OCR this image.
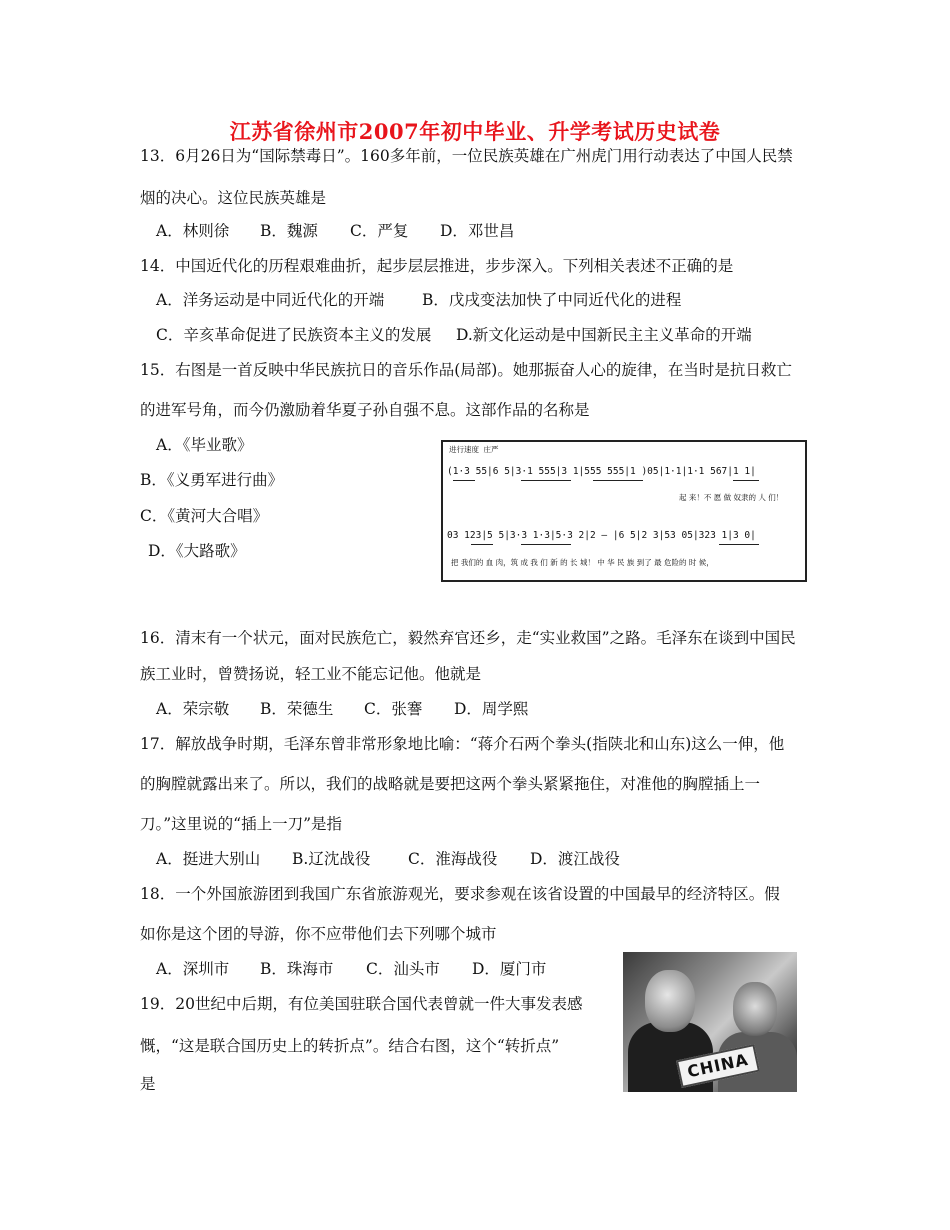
江苏省徐州市2007年初中毕业、升学考试历史试卷
13．6月26日为“国际禁毒日”。160多年前，一位民族英雄在广州虎门用行动表达了中国人民禁
烟的决心。这位民族英雄是
A．林则徐 B．魏源 C．严复 D．邓世昌
14．中国近代化的历程艰难曲折，起步层层推进，步步深入。下列相关表述不正确的是
A．洋务运动是中同近代化的开端 B．戊戌变法加快了中同近代化的进程
C．辛亥革命促进了民族资本主义的发展 D.新文化运动是中国新民主主义革命的开端
15．右图是一首反映中华民族抗日的音乐作品(局部)。她那振奋人心的旋律，在当时是抗日救亡
的进军号角，而今仍激励着华夏子孙自强不息。这部作品的名称是
A．《毕业歌》
B．《义勇军进行曲》
C．《黄河大合唱》
D．《大路歌》
进行速度 庄严
(1·3 55|6 5|3·1 555|3 1|555 555|1 )05|1·1|1·1 567|1 1|
起 来！不 愿 做 奴隶的 人 们！
03 123|5 5|3·3 1·3|5·3 2|2 – |6 5|2 3|53 05|323 1|3 0|
把 我们的 血 肉，筑 成 我 们 新 的 长 城！ 中 华 民 族 到了 最 危险的 时 候，
16．清末有一个状元，面对民族危亡，毅然弃官还乡，走“实业救国”之路。毛泽东在谈到中国民
族工业时，曾赞扬说，轻工业不能忘记他。他就是
A．荣宗敬 B．荣德生 C．张謇 D．周学熙
17．解放战争时期，毛泽东曾非常形象地比喻：“蒋介石两个拳头(指陕北和山东)这么一伸，他
的胸膛就露出来了。所以，我们的战略就是要把这两个拳头紧紧拖住，对准他的胸膛插上一
刀。”这里说的“插上一刀”是指
A．挺进大别山 B.辽沈战役 C．淮海战役 D．渡江战役
18．一个外国旅游团到我国广东省旅游观光，要求参观在该省设置的中国最早的经济特区。假
如你是这个团的导游，你不应带他们去下列哪个城市
A．深圳市 B．珠海市 C．汕头市 D．厦门市
19．20世纪中后期，有位美国驻联合国代表曾就一件大事发表感
慨，“这是联合国历史上的转折点”。结合右图，这个“转折点”
是
CHINA
